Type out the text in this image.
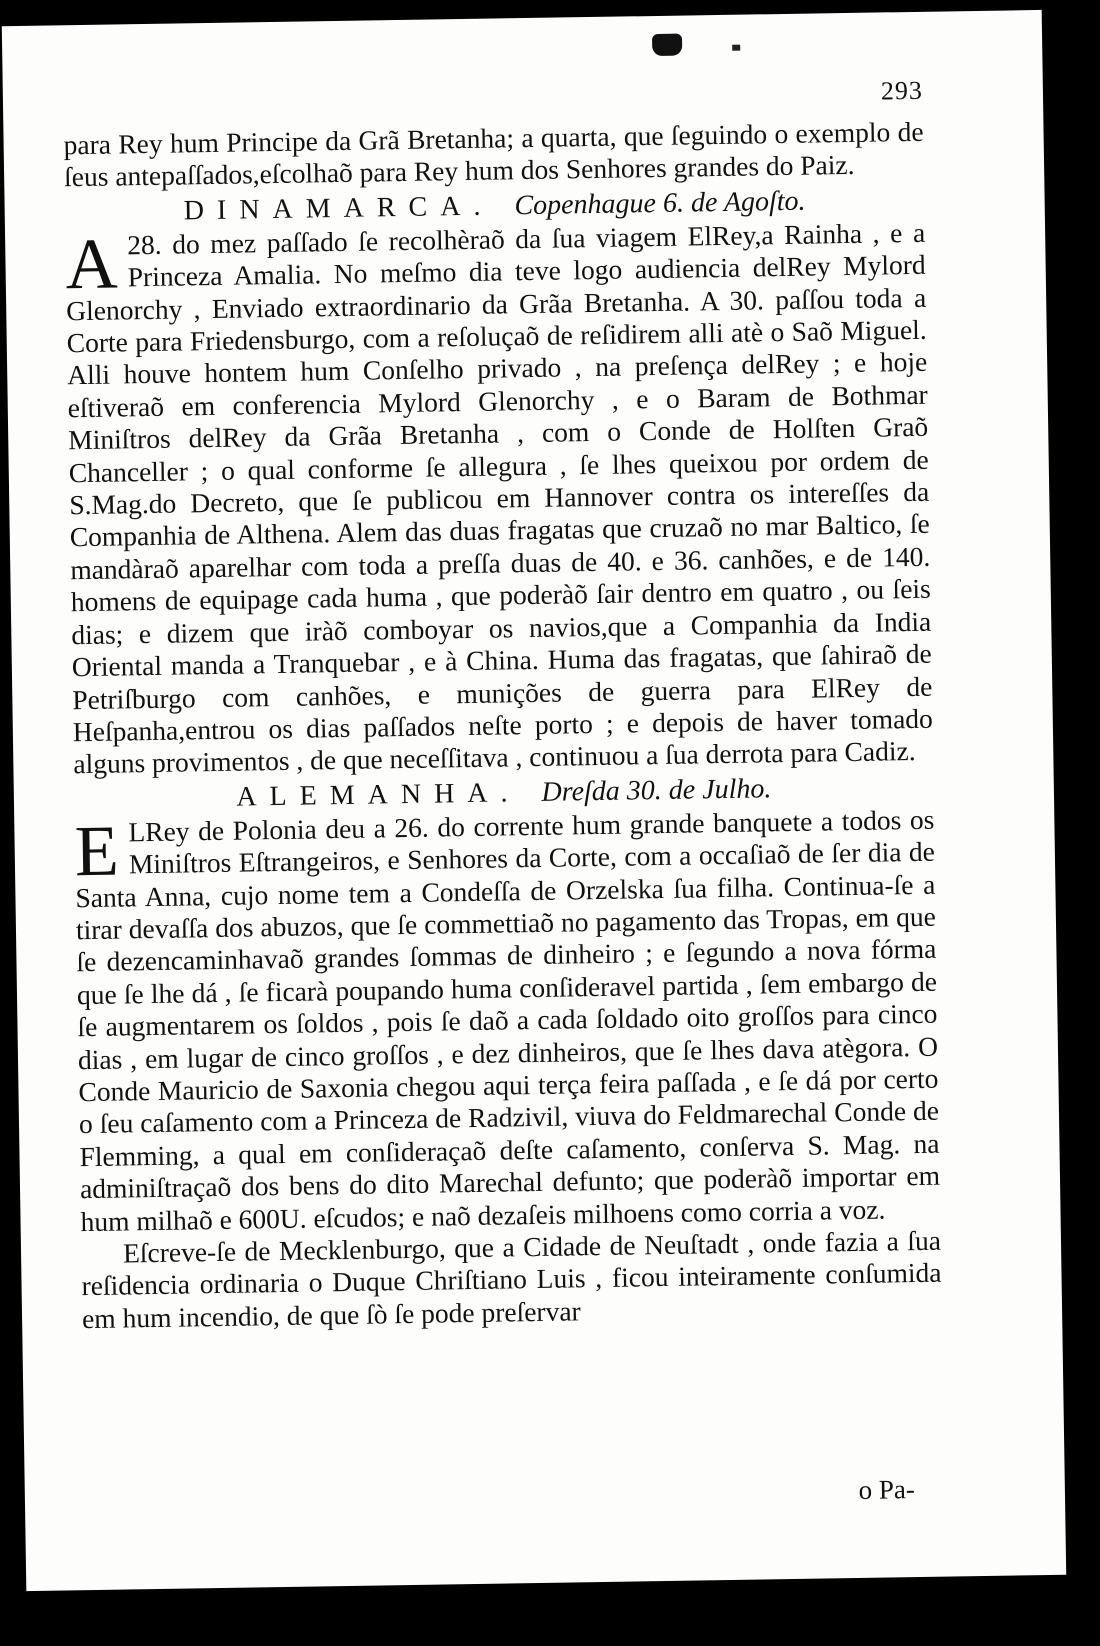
293

para Rey hum Principe da Grã Bretanha; a quarta, que ſeguindo o exemplo de ſeus antepaſſados,eſcolhaõ para Rey hum dos Senhores grandes do Paiz.

DINAMARCA. Copenhague 6. de Agoſto.

A 28. do mez paſſado ſe recolhèraõ da ſua viagem ElRey,a Rainha , e a Princeza Amalia. No meſmo dia teve logo audiencia delRey Mylord Glenorchy , Enviado extraordinario da Grãa Bretanha. A 30. paſſou toda a Corte para Friedensburgo, com a reſoluçaõ de reſidirem alli atè o Saõ Miguel. Alli houve hontem hum Conſelho privado , na preſença delRey ; e hoje eſtiveraõ em conferencia Mylord Glenorchy , e o Baram de Bothmar Miniſtros delRey da Grãa Bretanha , com o Conde de Holſten Graõ Chanceller ; o qual conforme ſe allegura , ſe lhes queixou por ordem de S.Mag.do Decreto, que ſe publicou em Hannover contra os intereſſes da Companhia de Althena. Alem das duas fragatas que cruzaõ no mar Baltico, ſe mandàraõ aparelhar com toda a preſſa duas de 40. e 36. canhões, e de 140. homens de equipage cada huma , que poderàõ ſair dentro em quatro , ou ſeis dias; e dizem que iràõ comboyar os navios,que a Companhia da India Oriental manda a Tranquebar , e à China. Huma das fragatas, que ſahiraõ de Petriſburgo com canhões, e munições de guerra para ElRey de Heſpanha,entrou os dias paſſados neſte porto ; e depois de haver tomado alguns provimentos , de que neceſſitava , continuou a ſua derrota para Cadiz.

ALEMANHA. Dreſda 30. de Julho.

E LRey de Polonia deu a 26. do corrente hum grande banquete a todos os Miniſtros Eſtrangeiros, e Senhores da Corte, com a occaſiaõ de ſer dia de Santa Anna, cujo nome tem a Condeſſa de Orzelska ſua filha. Continua-ſe a tirar devaſſa dos abuzos, que ſe commettiaõ no pagamento das Tropas, em que ſe dezencaminhavaõ grandes ſommas de dinheiro ; e ſegundo a nova fórma que ſe lhe dá , ſe ficarà poupando huma conſideravel partida , ſem embargo de ſe augmentarem os ſoldos , pois ſe daõ a cada ſoldado oito groſſos para cinco dias , em lugar de cinco groſſos , e dez dinheiros, que ſe lhes dava atègora. O Conde Mauricio de Saxonia chegou aqui terça feira paſſada , e ſe dá por certo o ſeu caſamento com a Princeza de Radzivil, viuva do Feldmarechal Conde de Flemming, a qual em conſideraçaõ deſte caſamento, conſerva S. Mag. na adminiſtraçaõ dos bens do dito Marechal defunto; que poderàõ importar em hum milhaõ e 600U. eſcudos; e naõ dezaſeis milhoens como corria a voz.

Eſcreve-ſe de Mecklenburgo, que a Cidade de Neuſtadt , onde fazia a ſua reſidencia ordinaria o Duque Chriſtiano Luis , ficou inteiramente conſumida em hum incendio, de que ſò ſe pode preſervar

o Pa-
